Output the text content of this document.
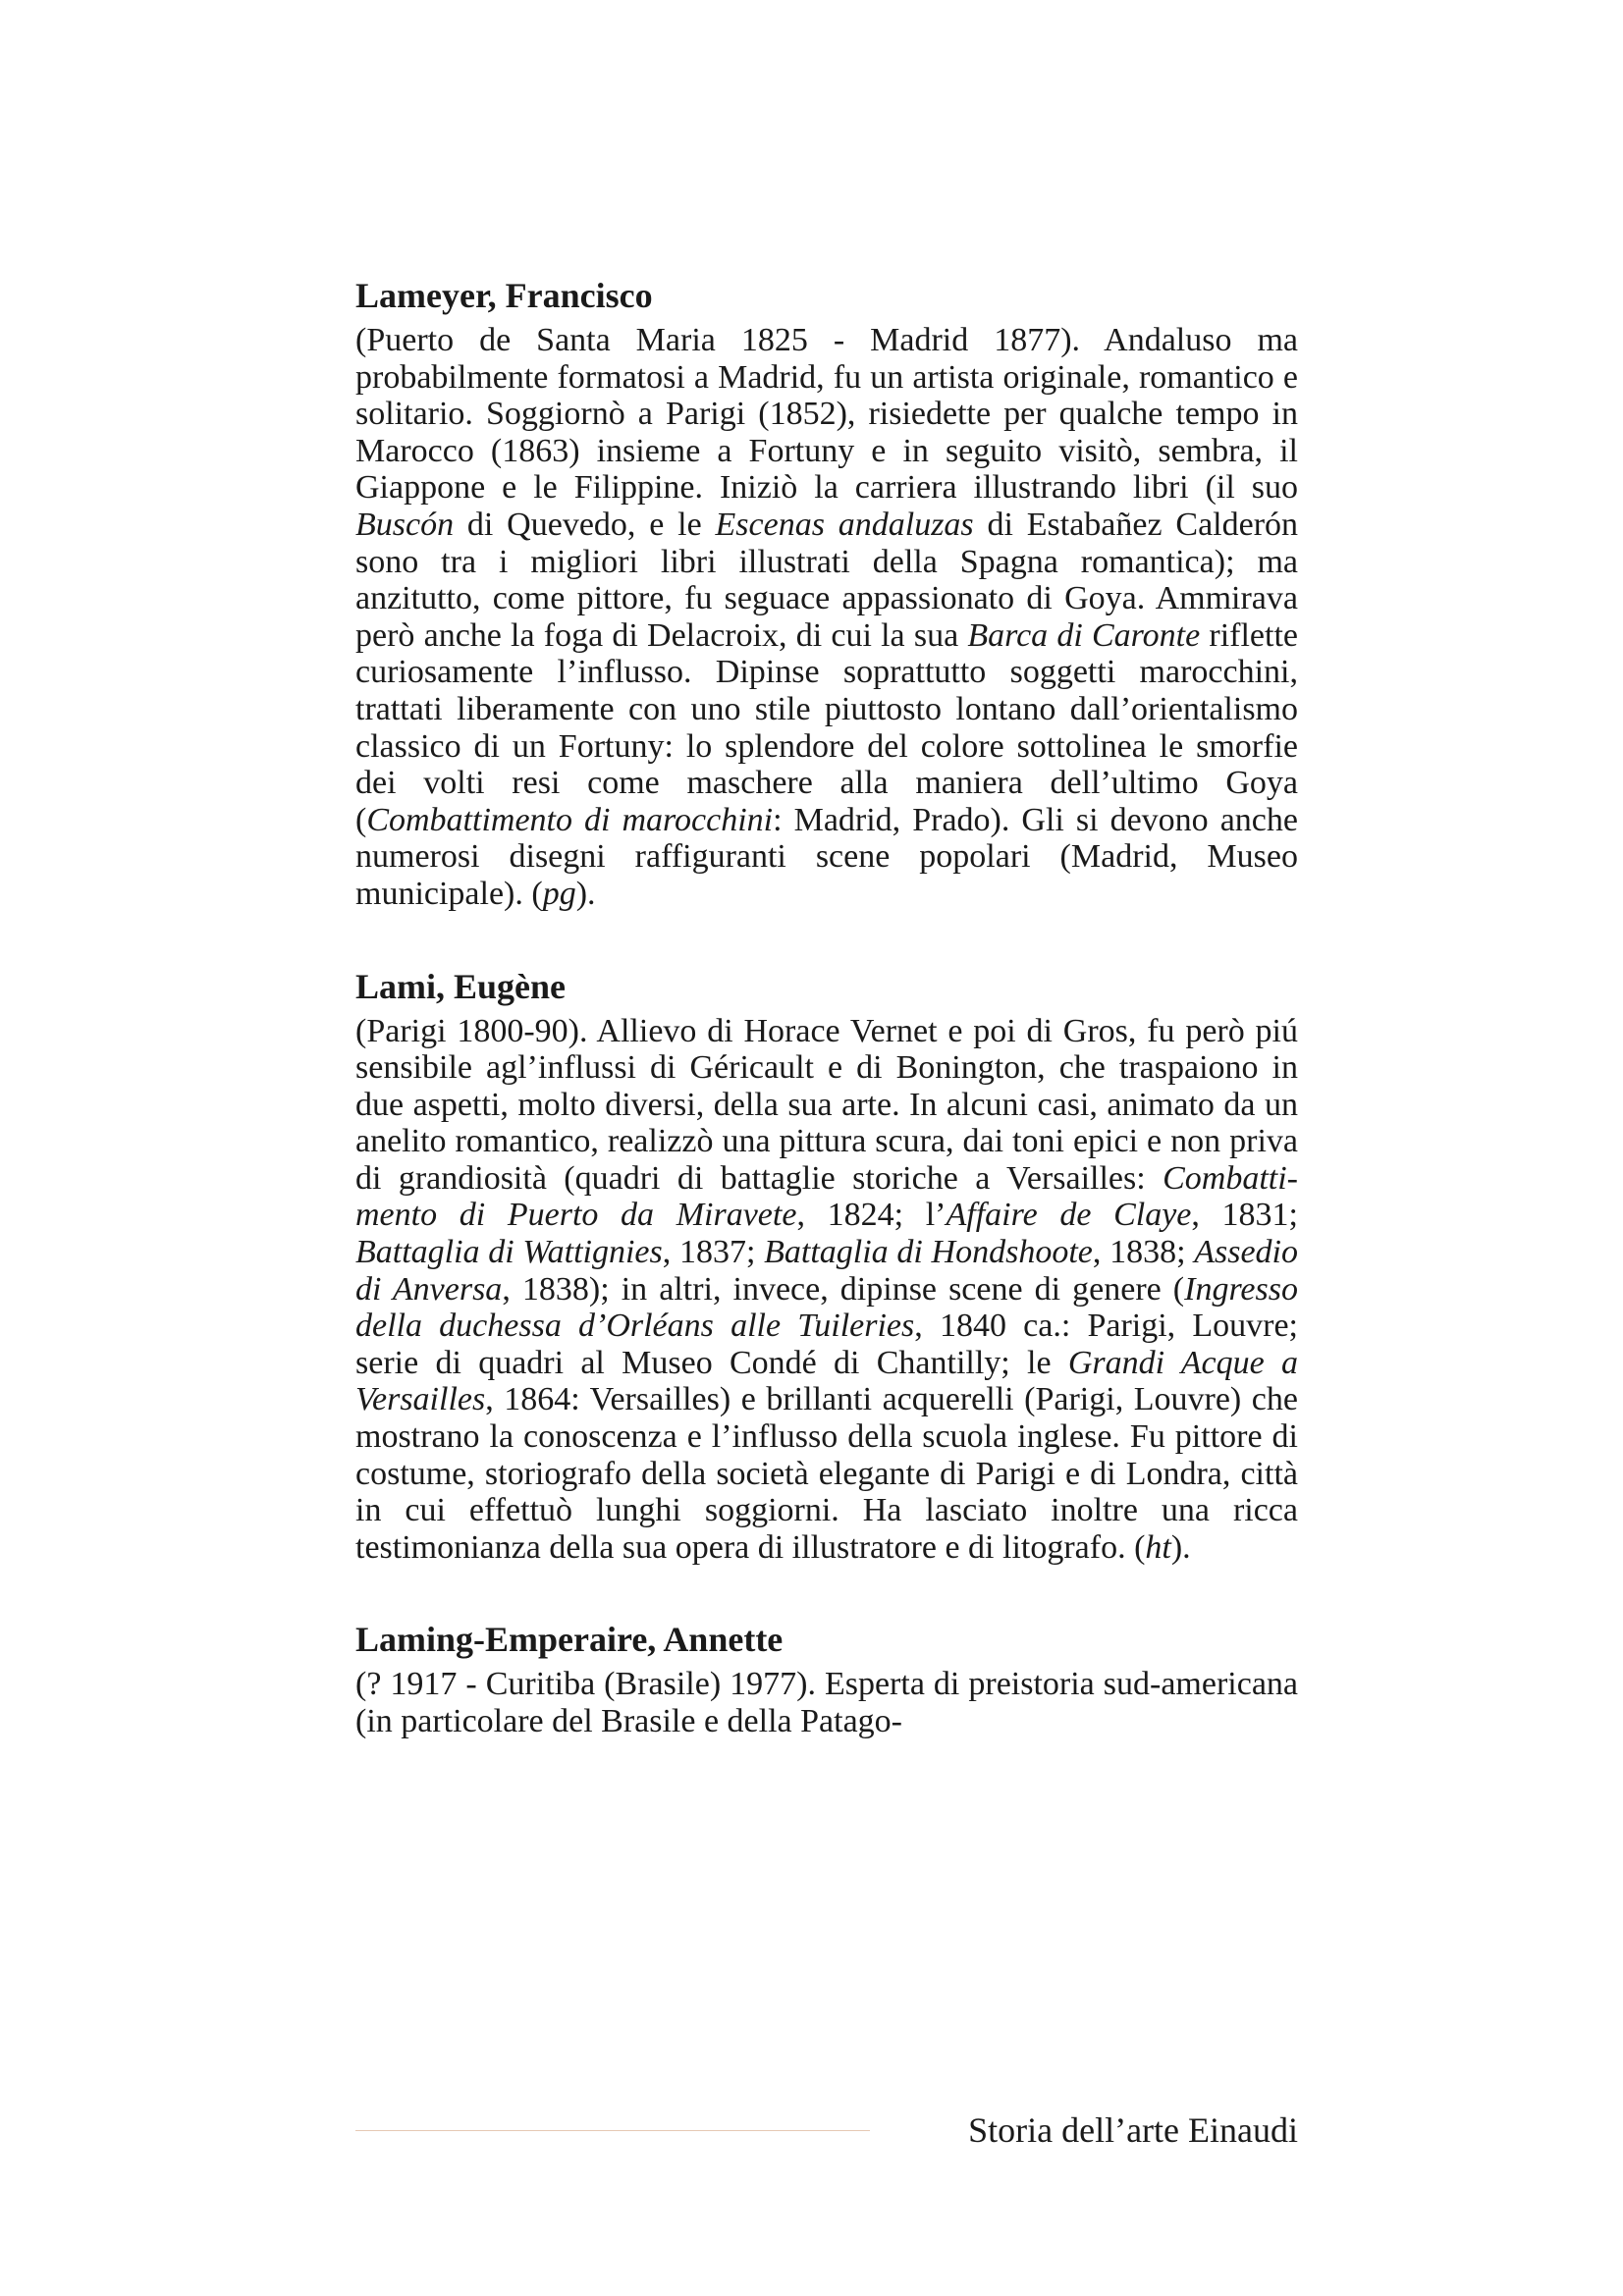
Lameyer, Francisco

(Puerto de Santa Maria 1825 - Madrid 1877). Andaluso ma probabilmente formatosi a Madrid, fu un artista originale, romantico e solitario. Soggiornò a Parigi (1852), risiedette per qualche tempo in Marocco (1863) insieme a Fortuny e in seguito visitò, sembra, il Giappone e le Filippine. Iniziò la carriera illustrando libri (il suo Buscón di Quevedo, e le Escenas andaluzas di Estabañez Calderón sono tra i migliori libri illustrati della Spagna romantica); ma anzitutto, come pittore, fu seguace appassionato di Goya. Ammirava però anche la foga di Delacroix, di cui la sua Barca di Caronte riflette curiosamente l’influsso. Dipinse soprattutto soggetti marocchini, trattati liberamente con uno stile piuttosto lontano dall’orientalismo classico di un Fortuny: lo splendore del colore sottolinea le smorfie dei volti resi come maschere alla maniera dell’ultimo Goya (Combattimento di marocchini: Madrid, Prado). Gli si devono anche numerosi disegni raffiguranti scene popolari (Madrid, Museo municipale). (pg).

Lami, Eugène

(Parigi 1800-90). Allievo di Horace Vernet e poi di Gros, fu però piú sensibile agl’influssi di Géricault e di Bonington, che traspaiono in due aspetti, molto diversi, della sua arte. In alcuni casi, animato da un anelito romantico, realizzò una pittura scura, dai toni epici e non priva di grandiosità (quadri di battaglie storiche a Versailles: Combattimento di Puerto da Miravete, 1824; l’Affaire de Claye, 1831; Battaglia di Wattignies, 1837; Battaglia di Hondshoote, 1838; Assedio di Anversa, 1838); in altri, invece, dipinse scene di genere (Ingresso della duchessa d’Orléans alle Tuileries, 1840 ca.: Parigi, Louvre; serie di quadri al Museo Condé di Chantilly; le Grandi Acque a Versailles, 1864: Versailles) e brillanti acquerelli (Parigi, Louvre) che mostrano la conoscenza e l’influsso della scuola inglese. Fu pittore di costume, storiografo della società elegante di Parigi e di Londra, città in cui effettuò lunghi soggiorni. Ha lasciato inoltre una ricca testimonianza della sua opera di illustratore e di litografo. (ht).

Laming-Emperaire, Annette

(? 1917 - Curitiba (Brasile) 1977). Esperta di preistoria sud-americana (in particolare del Brasile e della Patago-

Storia dell’arte Einaudi
